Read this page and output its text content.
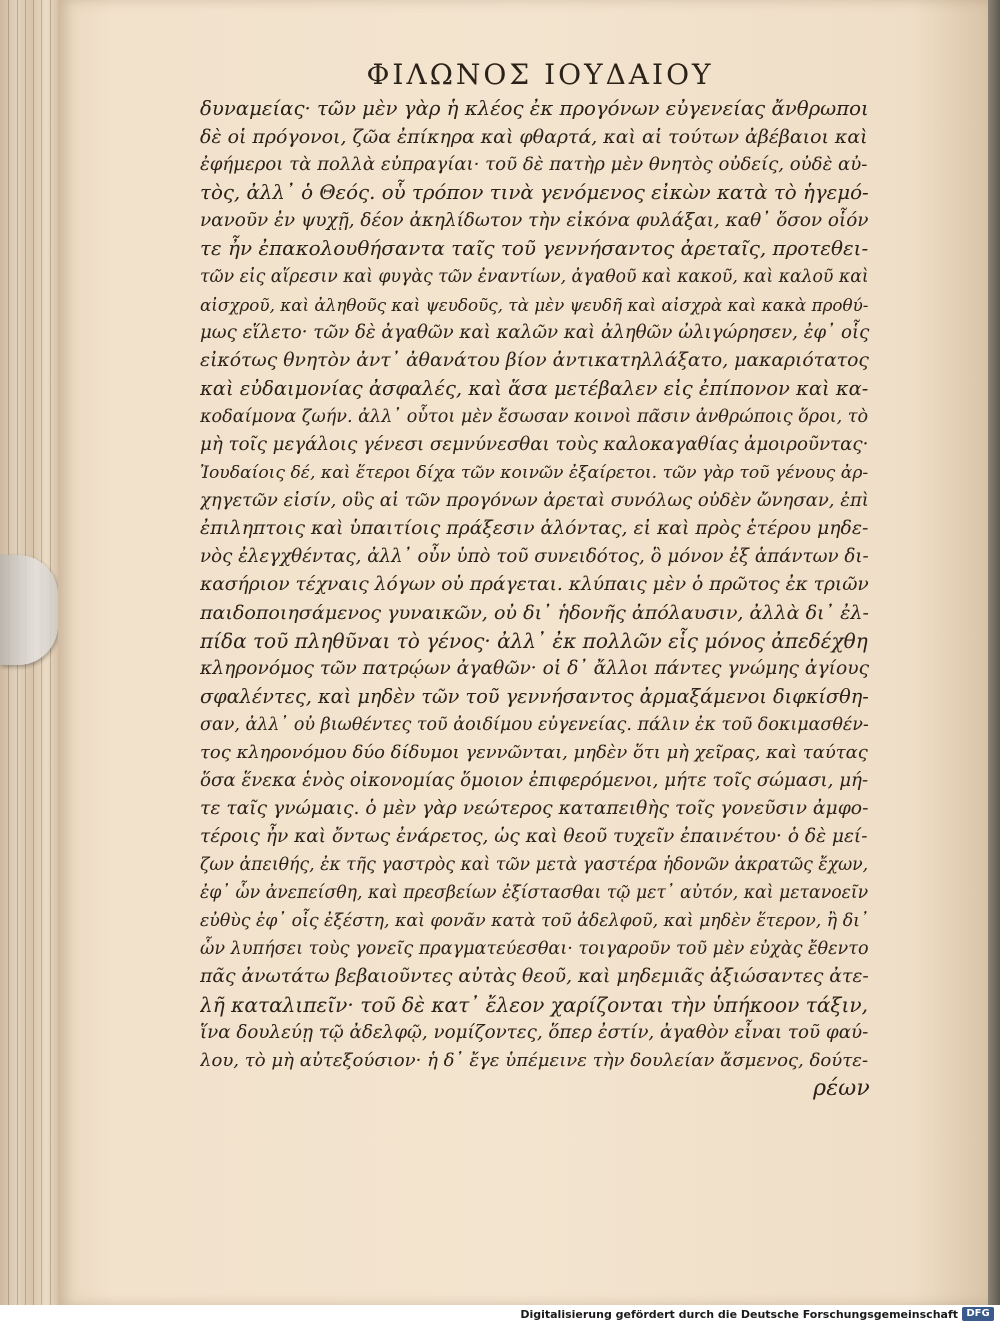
ΦΙΛΩΝΟΣ ΙΟΥΔΑΙΟΥ
δυναμείας· τῶν μὲν γὰρ ἡ κλέος ἐκ προγόνων εὐγενείας ἄνθρωποι
δὲ οἱ πρόγονοι, ζῶα ἐπίκηρα καὶ φθαρτά, καὶ αἱ τούτων ἀβέβαιοι καὶ
ἐφήμεροι τὰ πολλὰ εὐπραγίαι· τοῦ δὲ πατὴρ μὲν θνητὸς οὐδείς, οὐδὲ αὐ-
τὸς, ἀλλ᾽ ὁ Θεός. οὗ τρόπον τινὰ γενόμενος εἰκὼν κατὰ τὸ ἡγεμό-
νανοῦν ἐν ψυχῇ, δέον ἀκηλίδωτον τὴν εἰκόνα φυλάξαι, καθ᾽ ὅσον οἷόν
τε ἦν ἐπακολουθήσαντα ταῖς τοῦ γεννήσαντος ἀρεταῖς, προτεθει-
τῶν εἰς αἵρεσιν καὶ φυγὰς τῶν ἐναντίων, ἀγαθοῦ καὶ κακοῦ, καὶ καλοῦ καὶ
αἰσχροῦ, καὶ ἀληθοῦς καὶ ψευδοῦς, τὰ μὲν ψευδῆ καὶ αἰσχρὰ καὶ κακὰ προθύ-
μως εἵλετο· τῶν δὲ ἀγαθῶν καὶ καλῶν καὶ ἀληθῶν ὠλιγώρησεν, ἐφ᾽ οἷς
εἰκότως θνητὸν ἀντ᾽ ἀθανάτου βίον ἀντικατηλλάξατο, μακαριότατος
καὶ εὐδαιμονίας ἀσφαλές, καὶ ἅσα μετέβαλεν εἰς ἐπίπονον καὶ κα-
κοδαίμονα ζωήν. ἀλλ᾽ οὗτοι μὲν ἔσωσαν κοινοὶ πᾶσιν ἀνθρώποις ὅροι, τὸ
μὴ τοῖς μεγάλοις γένεσι σεμνύνεσθαι τοὺς καλοκαγαθίας ἀμοιροῦντας·
Ἰουδαίοις δέ, καὶ ἕτεροι δίχα τῶν κοινῶν ἐξαίρετοι. τῶν γὰρ τοῦ γένους ἀρ-
χηγετῶν εἰσίν, οὓς αἱ τῶν προγόνων ἀρεταὶ συνόλως οὐδὲν ὤνησαν, ἐπὶ
ἐπιληπτοις καὶ ὑπαιτίοις πράξεσιν ἁλόντας, εἰ καὶ πρὸς ἑτέρου μηδε-
νὸς ἐλεγχθέντας, ἀλλ᾽ οὖν ὑπὸ τοῦ συνειδότος, ὃ μόνον ἐξ ἁπάντων δι-
κασήριον τέχναις λόγων οὐ πράγεται. κλύπαις μὲν ὁ πρῶτος ἐκ τριῶν
παιδοποιησάμενος γυναικῶν, οὐ δι᾽ ἡδονῆς ἀπόλαυσιν, ἀλλὰ δι᾽ ἐλ-
πίδα τοῦ πληθῦναι τὸ γένος· ἀλλ᾽ ἐκ πολλῶν εἷς μόνος ἀπεδέχθη
κληρονόμος τῶν πατρῴων ἀγαθῶν· οἱ δ᾽ ἄλλοι πάντες γνώμης ἀγίους
σφαλέντες, καὶ μηδὲν τῶν τοῦ γεννήσαντος ἀρμαξάμενοι διφκίσθη-
σαν, ἀλλ᾽ οὐ βιωθέντες τοῦ ἀοιδίμου εὐγενείας. πάλιν ἐκ τοῦ δοκιμασθέν-
τος κληρονόμου δύο δίδυμοι γεννῶνται, μηδὲν ὅτι μὴ χεῖρας, καὶ ταύτας
ὅσα ἕνεκα ἑνὸς οἰκονομίας ὅμοιον ἐπιφερόμενοι, μήτε τοῖς σώμασι, μή-
τε ταῖς γνώμαις. ὁ μὲν γὰρ νεώτερος καταπειθὴς τοῖς γονεῦσιν ἀμφο-
τέροις ἦν καὶ ὄντως ἐνάρετος, ὡς καὶ θεοῦ τυχεῖν ἐπαινέτου· ὁ δὲ μεί-
ζων ἀπειθής, ἐκ τῆς γαστρὸς καὶ τῶν μετὰ γαστέρα ἡδονῶν ἀκρατῶς ἔχων,
ἐφ᾽ ὧν ἀνεπείσθη, καὶ πρεσβείων ἐξίστασθαι τῷ μετ᾽ αὐτόν, καὶ μετανοεῖν
εὐθὺς ἐφ᾽ οἷς ἐξέστη, καὶ φονᾶν κατὰ τοῦ ἀδελφοῦ, καὶ μηδὲν ἕτερον, ἢ δι᾽
ὧν λυπήσει τοὺς γονεῖς πραγματεύεσθαι· τοιγαροῦν τοῦ μὲν εὐχὰς ἔθεντο
πᾶς ἀνωτάτω βεβαιοῦντες αὐτὰς θεοῦ, καὶ μηδεμιᾶς ἀξιώσαντες ἀτε-
λῆ καταλιπεῖν· τοῦ δὲ κατ᾽ ἔλεον χαρίζονται τὴν ὑπήκοον τάξιν,
ἵνα δουλεύῃ τῷ ἀδελφῷ, νομίζοντες, ὅπερ ἐστίν, ἀγαθὸν εἶναι τοῦ φαύ-
λου, τὸ μὴ αὐτεξούσιον· ἡ δ᾽ ἔγε ὑπέμεινε τὴν δουλείαν ἄσμενος, δούτε-
ρέων
Digitalisierung gefördert durch die Deutsche Forschungsgemeinschaft DFG
